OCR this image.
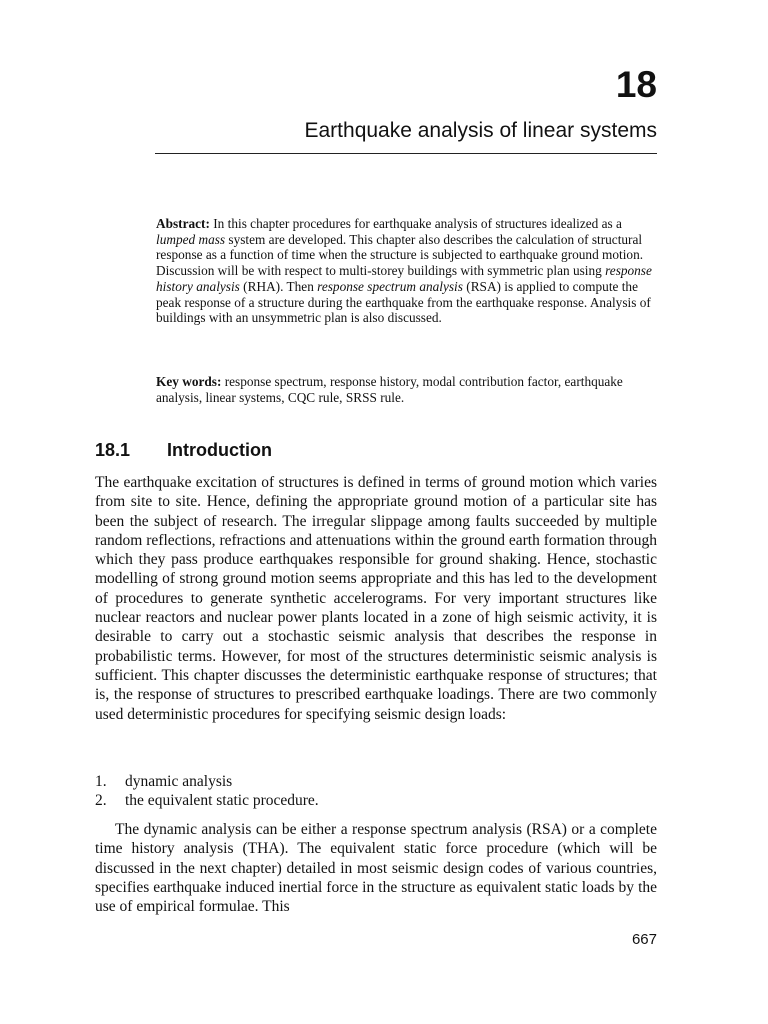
18
Earthquake analysis of linear systems

Abstract: In this chapter procedures for earthquake analysis of structures idealized as a lumped mass system are developed. This chapter also describes the calculation of structural response as a function of time when the structure is subjected to earthquake ground motion. Discussion will be with respect to multi-storey buildings with symmetric plan using response history analysis (RHA). Then response spectrum analysis (RSA) is applied to compute the peak response of a structure during the earthquake from the earthquake response. Analysis of buildings with an unsymmetric plan is also discussed.

Key words: response spectrum, response history, modal contribution factor, earthquake analysis, linear systems, CQC rule, SRSS rule.

18.1 Introduction

The earthquake excitation of structures is defined in terms of ground motion which varies from site to site. Hence, defining the appropriate ground motion of a particular site has been the subject of research. The irregular slippage among faults succeeded by multiple random reflections, refractions and attenuations within the ground earth formation through which they pass produce earthquakes responsible for ground shaking. Hence, stochastic modelling of strong ground motion seems appropriate and this has led to the development of procedures to generate synthetic accelerograms. For very important structures like nuclear reactors and nuclear power plants located in a zone of high seismic activity, it is desirable to carry out a stochastic seismic analysis that describes the response in probabilistic terms. However, for most of the structures deterministic seismic analysis is sufficient. This chapter discusses the deterministic earthquake response of structures; that is, the response of structures to prescribed earthquake loadings. There are two commonly used deterministic procedures for specifying seismic design loads:

1. dynamic analysis
2. the equivalent static procedure.

The dynamic analysis can be either a response spectrum analysis (RSA) or a complete time history analysis (THA). The equivalent static force procedure (which will be discussed in the next chapter) detailed in most seismic design codes of various countries, specifies earthquake induced inertial force in the structure as equivalent static loads by the use of empirical formulae. This

667
